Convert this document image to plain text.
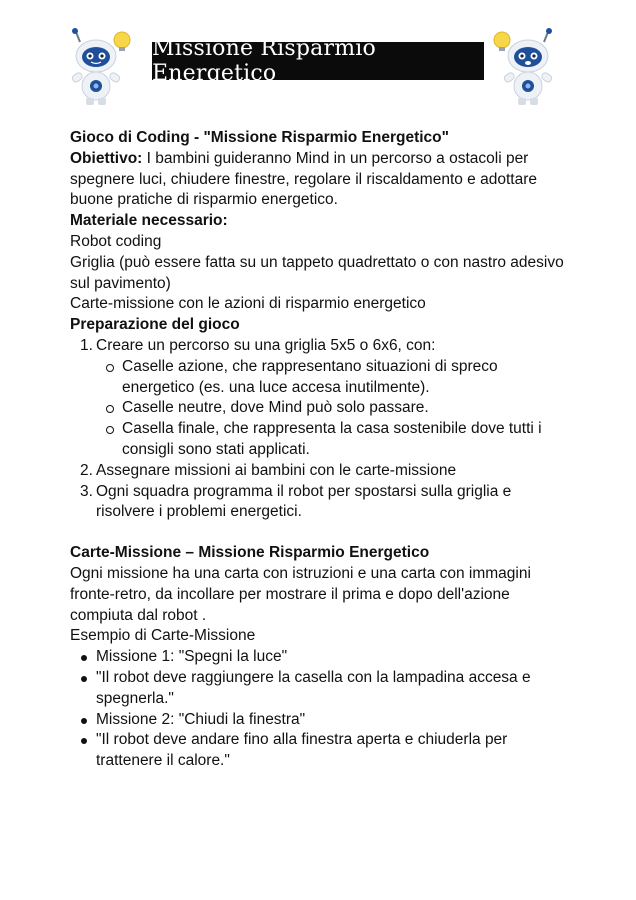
Missione Risparmio Energetico

Gioco di Coding - "Missione Risparmio Energetico"

Obiettivo: I bambini guideranno Mind in un percorso a ostacoli per spegnere luci, chiudere finestre, regolare il riscaldamento e adottare buone pratiche di risparmio energetico.

Materiale necessario:

Robot coding

Griglia (può essere fatta su un tappeto quadrettato o con nastro adesivo sul pavimento)

Carte-missione con le azioni di risparmio energetico

Preparazione del gioco

1. Creare un percorso su una griglia 5x5 o 6x6, con:
Caselle azione, che rappresentano situazioni di spreco energetico (es. una luce accesa inutilmente).
Caselle neutre, dove Mind può solo passare.
Casella finale, che rappresenta la casa sostenibile dove tutti i consigli sono stati applicati.
2. Assegnare missioni ai bambini con le carte-missione
3. Ogni squadra programma il robot per spostarsi sulla griglia e risolvere i problemi energetici.

Carte-Missione – Missione Risparmio Energetico

Ogni missione ha una carta con istruzioni e una carta con immagini fronte-retro, da incollare per mostrare il prima e dopo dell'azione compiuta dal robot .

Esempio di Carte-Missione

Missione 1: "Spegni la luce"
"Il robot deve raggiungere la casella con la lampadina accesa e spegnerla."
Missione 2: "Chiudi la finestra"
"Il robot deve andare fino alla finestra aperta e chiuderla per trattenere il calore."
